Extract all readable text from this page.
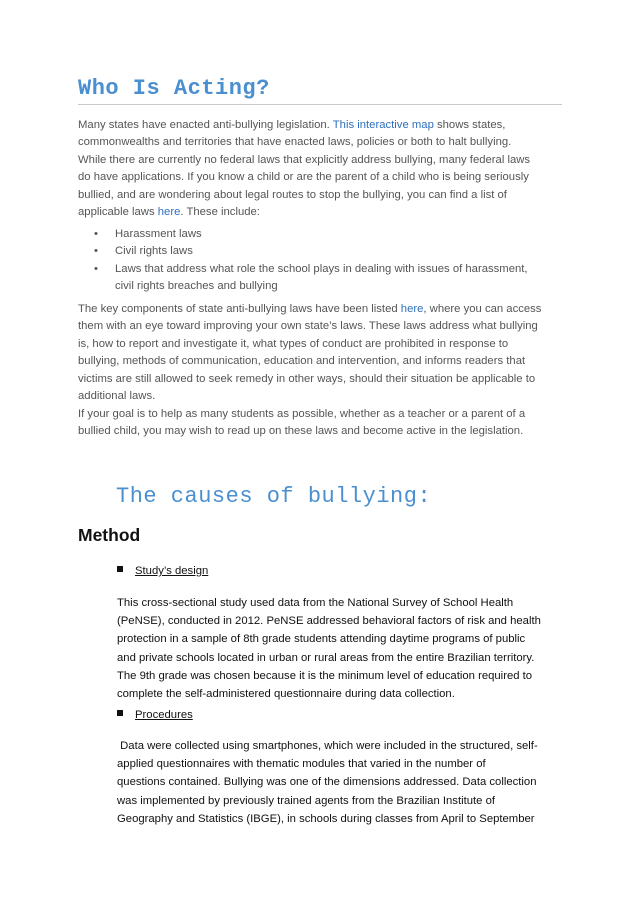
Who Is Acting?
Many states have enacted anti-bullying legislation. This interactive map shows states,
commonwealths and territories that have enacted laws, policies or both to halt bullying.
While there are currently no federal laws that explicitly address bullying, many federal laws
do have applications. If you know a child or are the parent of a child who is being seriously
bullied, and are wondering about legal routes to stop the bullying, you can find a list of
applicable laws here. These include:
• Harassment laws
• Civil rights laws
• Laws that address what role the school plays in dealing with issues of harassment,
civil rights breaches and bullying
The key components of state anti-bullying laws have been listed here, where you can access
them with an eye toward improving your own state’s laws. These laws address what bullying
is, how to report and investigate it, what types of conduct are prohibited in response to
bullying, methods of communication, education and intervention, and informs readers that
victims are still allowed to seek remedy in other ways, should their situation be applicable to
additional laws.
If your goal is to help as many students as possible, whether as a teacher or a parent of a
bullied child, you may wish to read up on these laws and become active in the legislation.
The causes of bullying:
Method
Study’s design
This cross-sectional study used data from the National Survey of School Health
(PeNSE), conducted in 2012. PeNSE addressed behavioral factors of risk and health
protection in a sample of 8th grade students attending daytime programs of public
and private schools located in urban or rural areas from the entire Brazilian territory.
The 9th grade was chosen because it is the minimum level of education required to
complete the self-administered questionnaire during data collection.
Procedures
Data were collected using smartphones, which were included in the structured, self-
applied questionnaires with thematic modules that varied in the number of
questions contained. Bullying was one of the dimensions addressed. Data collection
was implemented by previously trained agents from the Brazilian Institute of
Geography and Statistics (IBGE), in schools during classes from April to September
